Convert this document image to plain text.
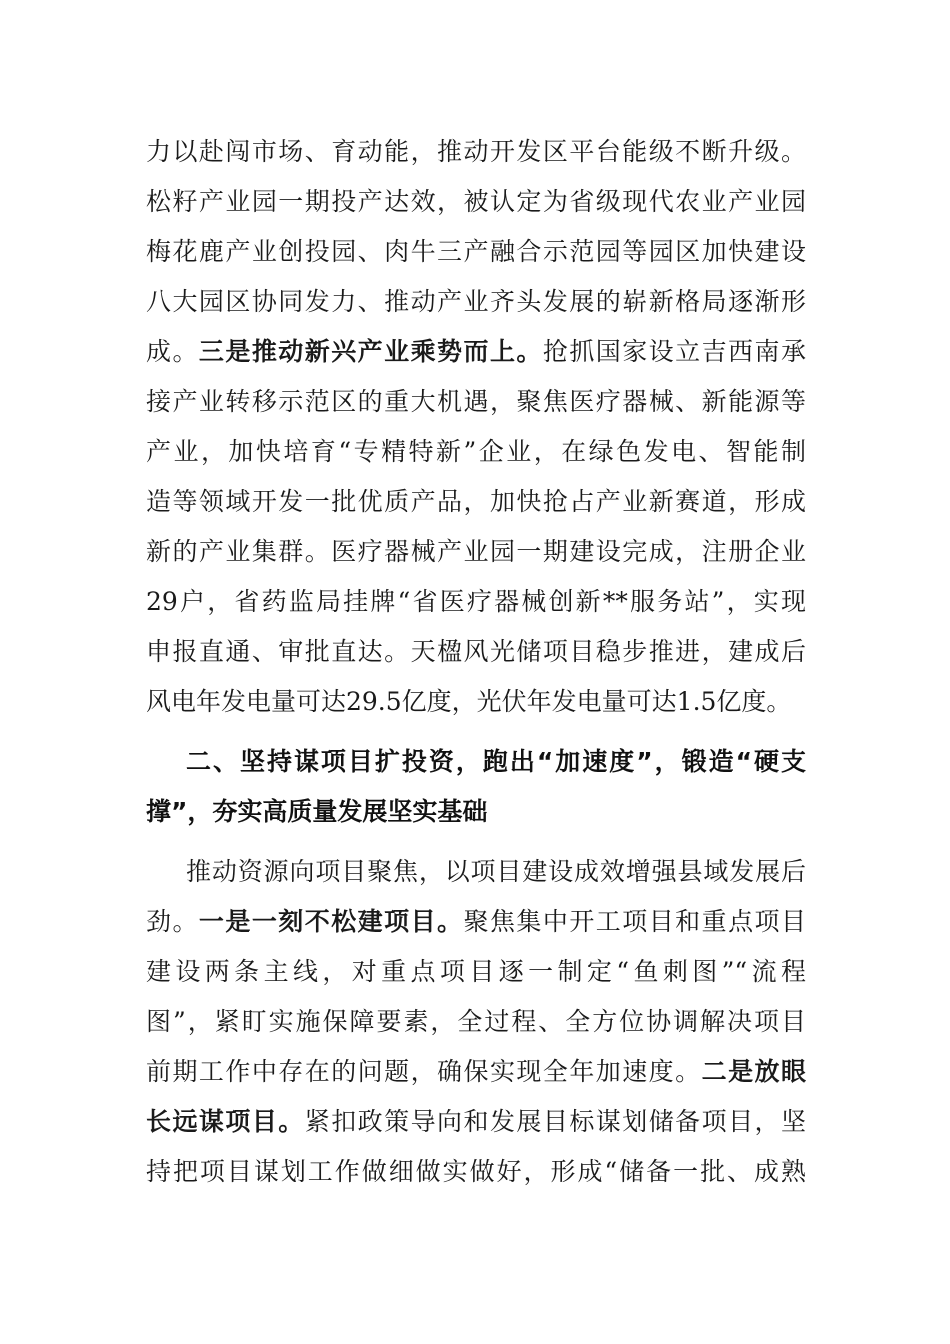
力以赴闯市场、育动能，推动开发区平台能级不断升级。
松籽产业园一期投产达效，被认定为省级现代农业产业园
梅花鹿产业创投园、肉牛三产融合示范园等园区加快建设
八大园区协同发力、推动产业齐头发展的崭新格局逐渐形
成。三是推动新兴产业乘势而上。抢抓国家设立吉西南承
接产业转移示范区的重大机遇，聚焦医疗器械、新能源等
产业，加快培育“专精特新”企业，在绿色发电、智能制
造等领域开发一批优质产品，加快抢占产业新赛道，形成
新的产业集群。医疗器械产业园一期建设完成，注册企业
29户，省药监局挂牌“省医疗器械创新**服务站”，实现
申报直通、审批直达。天楹风光储项目稳步推进，建成后
风电年发电量可达29.5亿度，光伏年发电量可达1.5亿度。
二、坚持谋项目扩投资，跑出“加速度”，锻造“硬支
撑”，夯实高质量发展坚实基础
推动资源向项目聚焦，以项目建设成效增强县域发展后
劲。一是一刻不松建项目。聚焦集中开工项目和重点项目
建设两条主线，对重点项目逐一制定“鱼刺图”“流程
图”，紧盯实施保障要素，全过程、全方位协调解决项目
前期工作中存在的问题，确保实现全年加速度。二是放眼
长远谋项目。紧扣政策导向和发展目标谋划储备项目，坚
持把项目谋划工作做细做实做好，形成“储备一批、成熟
